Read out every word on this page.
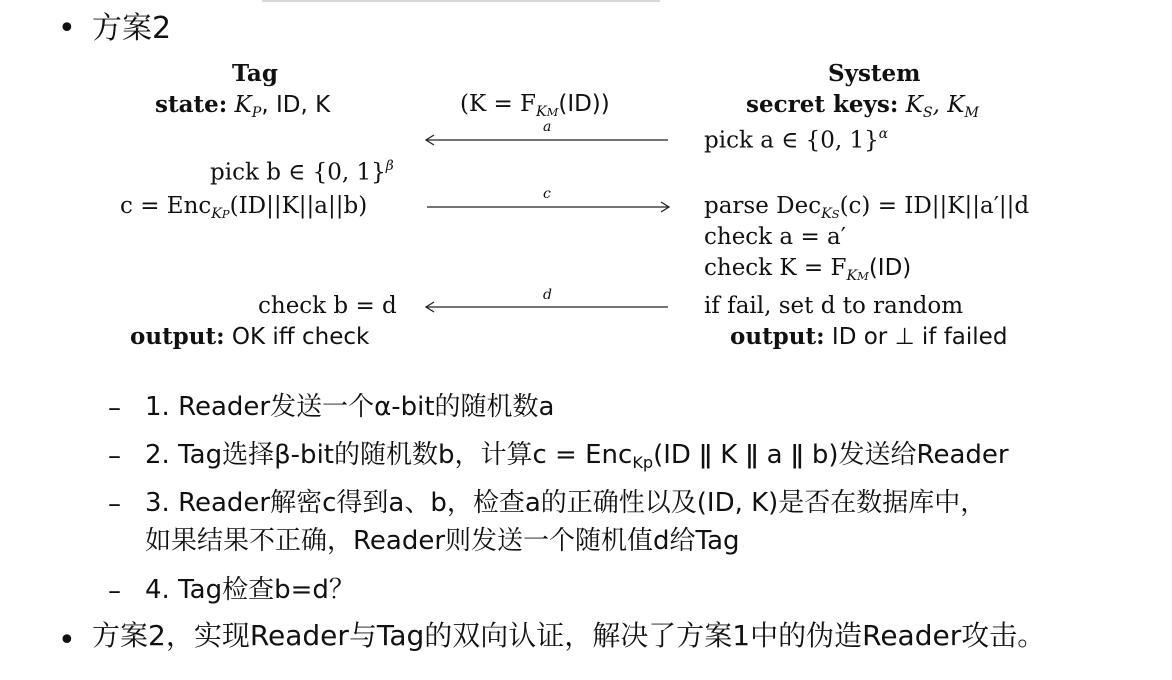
• 方案2
Tag
state: $K_P$, ID, K
pick b ∈ {0, 1}$^\beta$
c = Enc$_{KP}$(ID||K||a||b)
check b = d
output: OK iff check
$(K = F_{KM}(ID))$
a
c
d
System
secret keys: $K_S$, $K_M$
pick a ∈ {0, 1}$^\alpha$
parse Dec$_{KS}$(c) = ID||K||a′||d
check a = a′
check $K = F_{KM}(ID)$
if fail, set d to random
output: ID or ⊥ if failed
– 1. Reader发送一个α-bit的随机数a
– 2. Tag选择β-bit的随机数b，计算c = EncKp(ID ǁ K ǁ a ǁ b)发送给Reader
– 3. Reader解密c得到a、b，检查a的正确性以及(ID, K)是否在数据库中，
如果结果不正确，Reader则发送一个随机值d给Tag
– 4. Tag检查b=d？
• 方案2，实现Reader与Tag的双向认证，解决了方案1中的伪造Reader攻击。
